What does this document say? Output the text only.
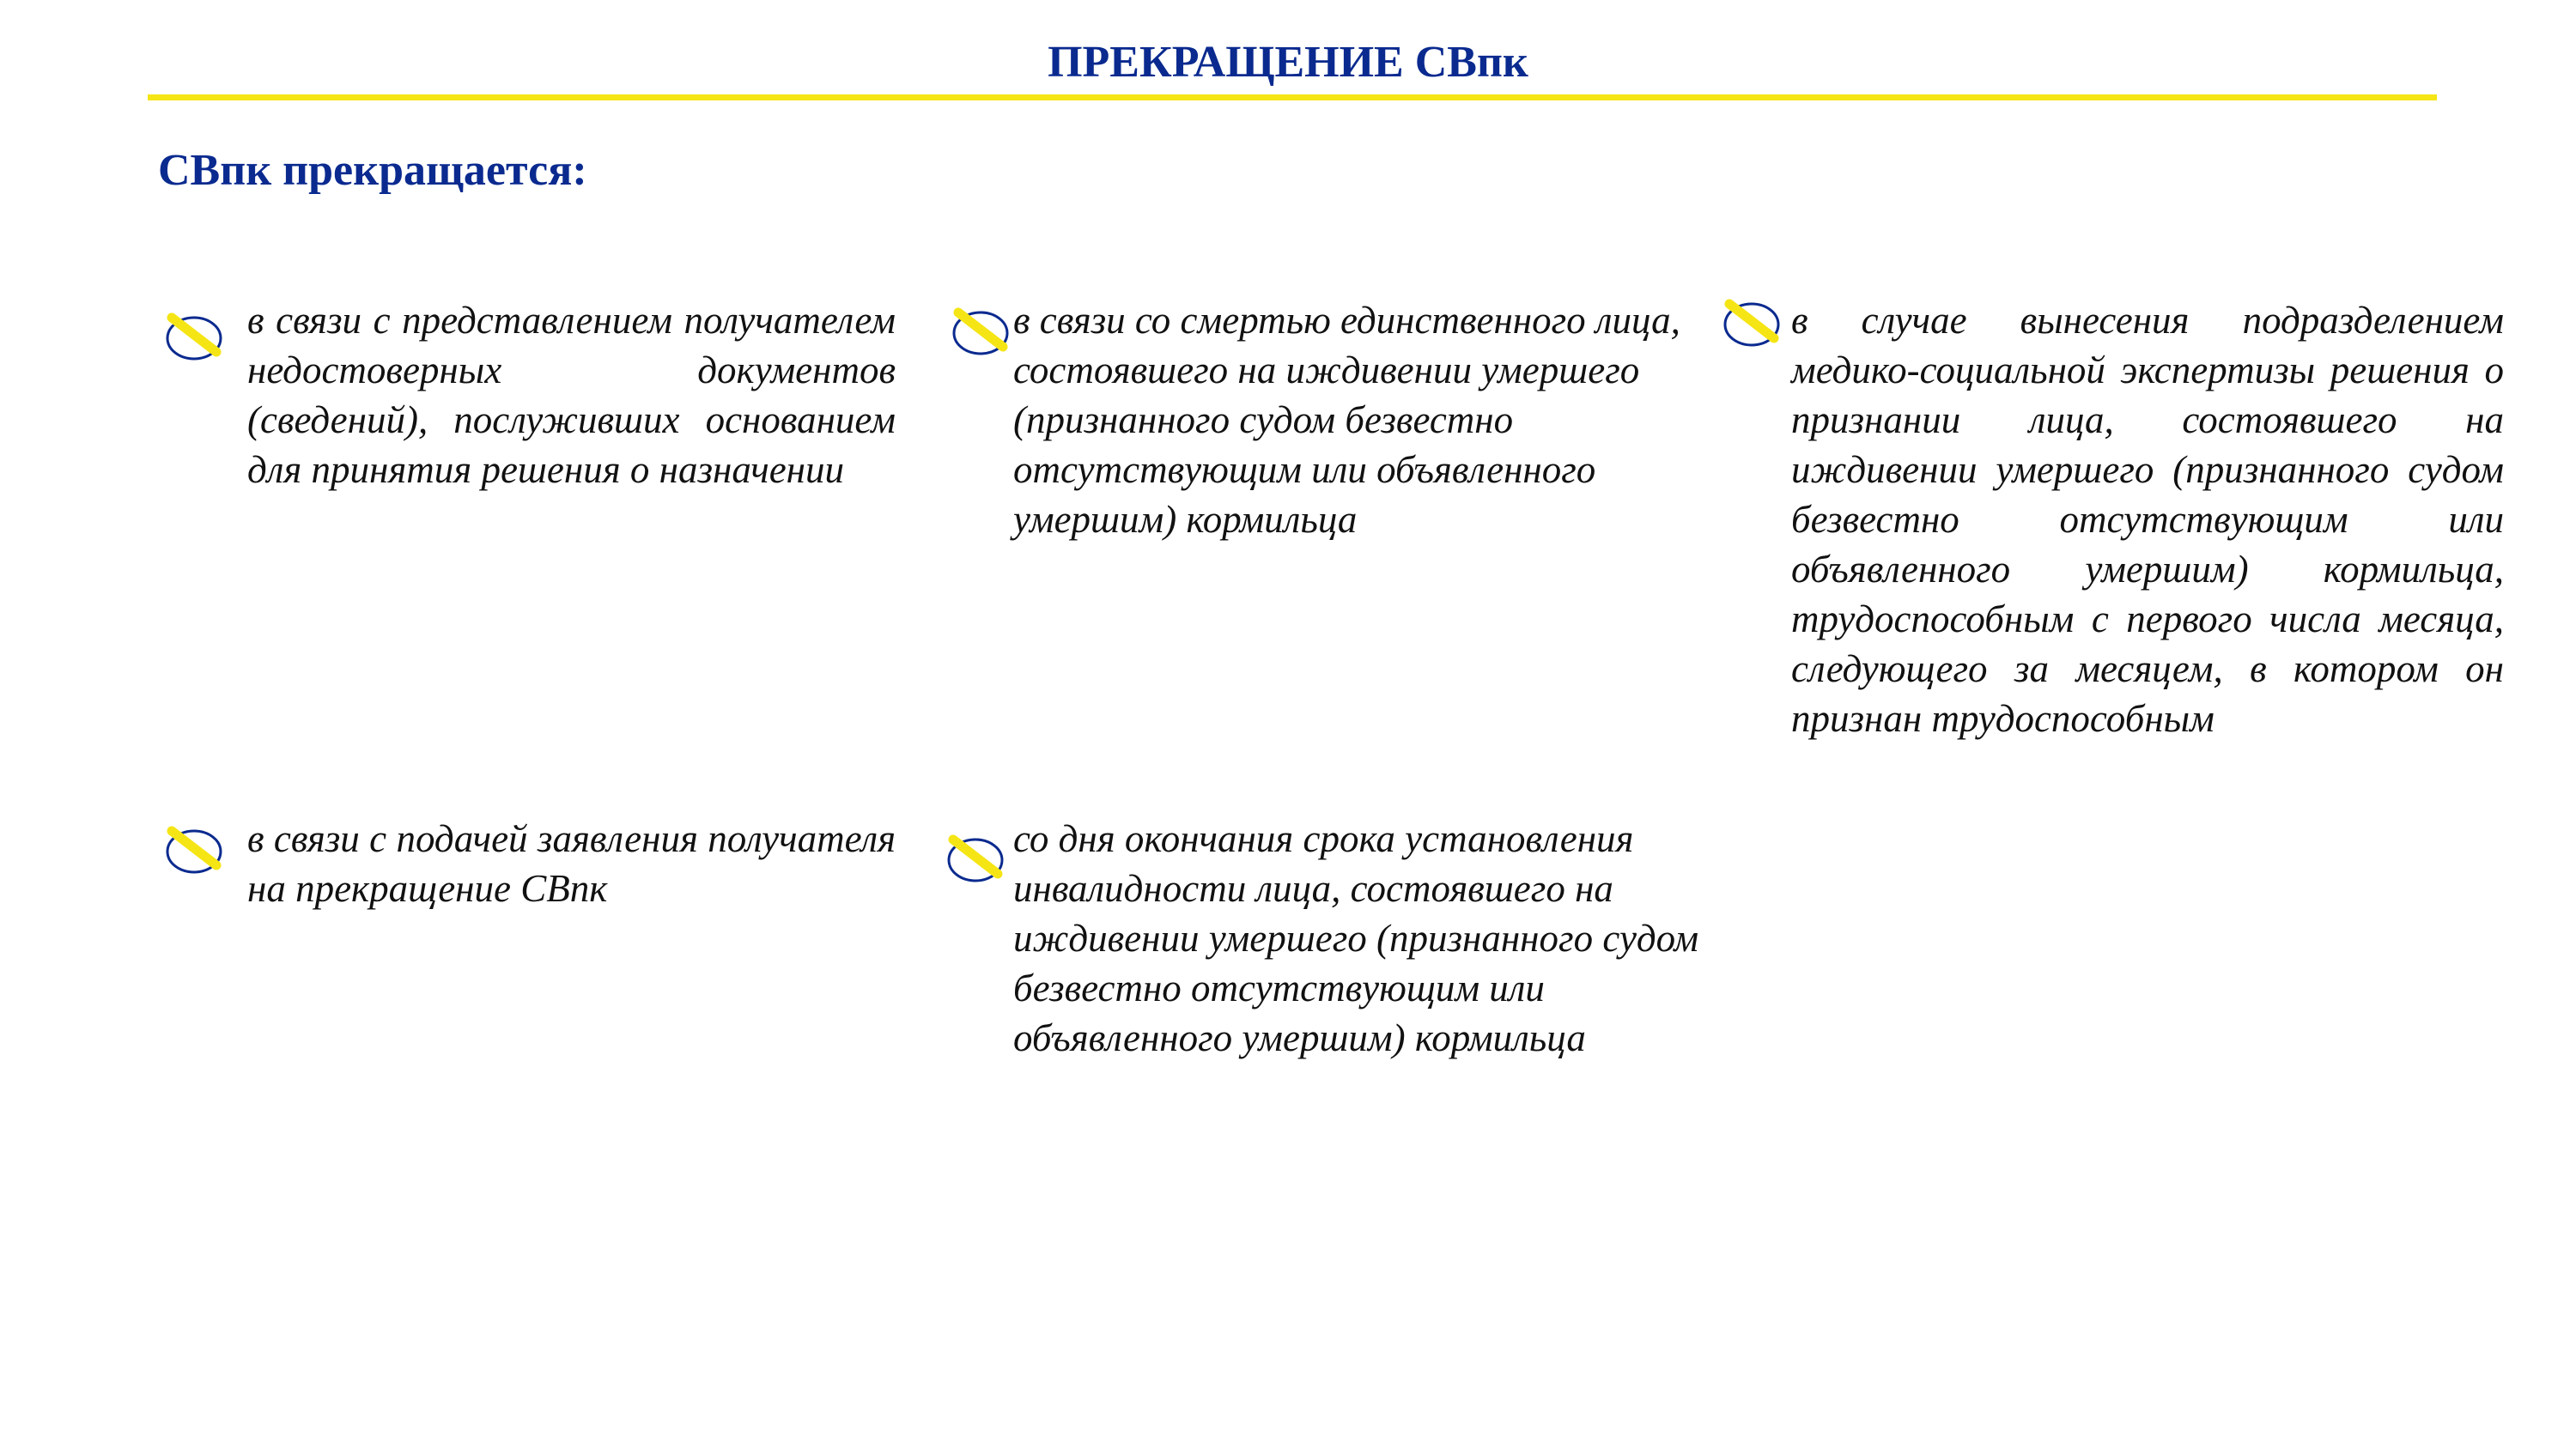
ПРЕКРАЩЕНИЕ СВпк
СВпк прекращается:
в связи с представлением получателем недостоверных документов (сведений), послуживших основанием для принятия решения о назначении
в связи со смертью единственного лица, состоявшего на иждивении умершего (признанного судом безвестно отсутствующим или объявленного умершим) кормильца
в случае вынесения подразделением медико-социальной экспертизы решения о признании лица, состоявшего на иждивении умершего (признанного судом безвестно отсутствующим или объявленного умершим) кормильца, трудоспособным с первого числа месяца, следующего за месяцем, в котором он признан трудоспособным
в связи с подачей заявления получателя на прекращение СВпк
со дня окончания срока установления инвалидности лица, состоявшего на иждивении умершего (признанного судом безвестно отсутствующим или объявленного умершим) кормильца
